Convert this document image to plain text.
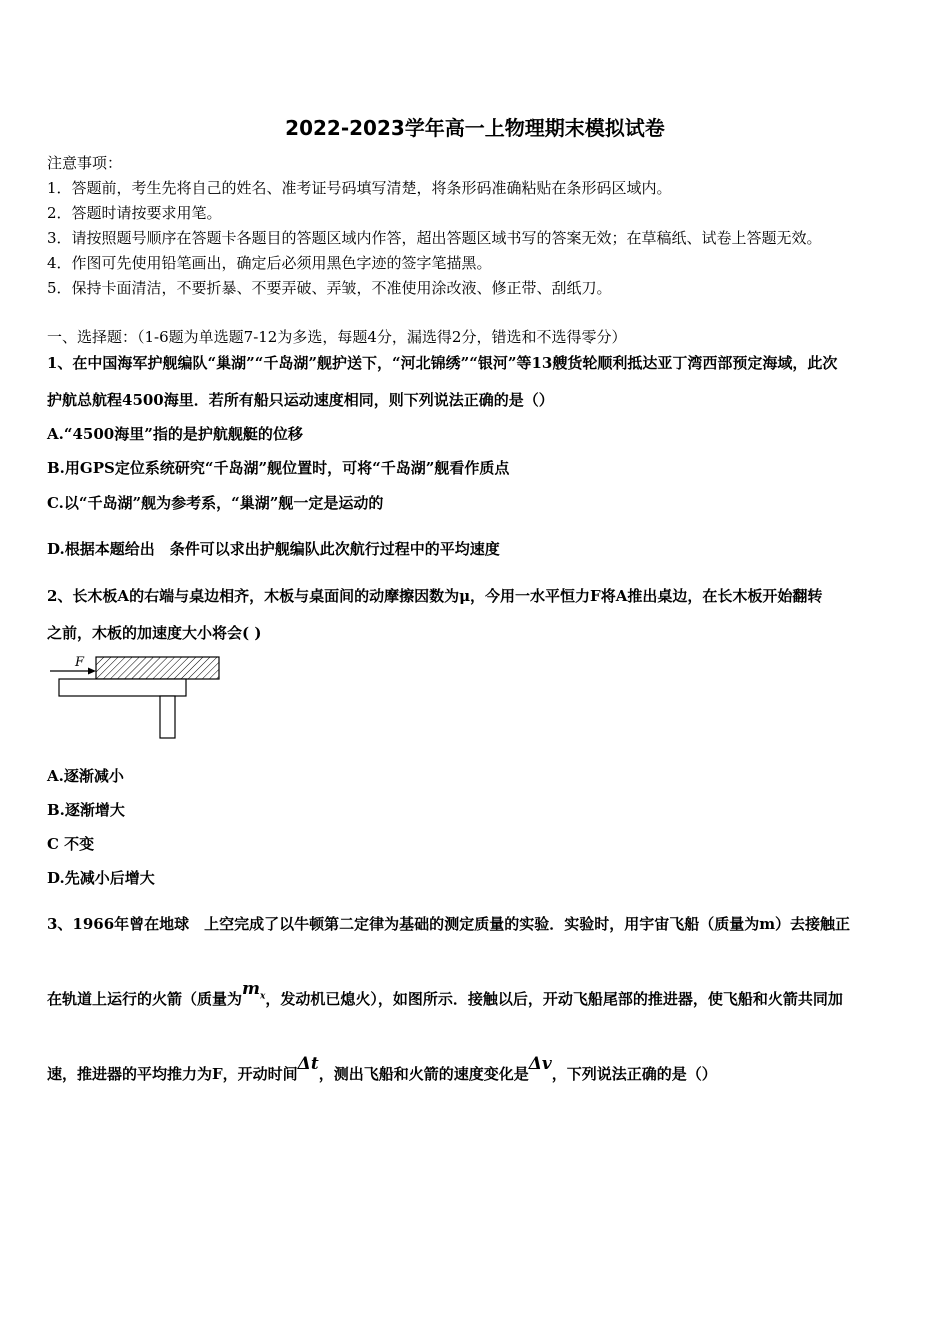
2022-2023学年高一上物理期末模拟试卷
注意事项：
1．答题前，考生先将自己的姓名、准考证号码填写清楚，将条形码准确粘贴在条形码区域内。
2．答题时请按要求用笔。
3．请按照题号顺序在答题卡各题目的答题区域内作答，超出答题区域书写的答案无效；在草稿纸、试卷上答题无效。
4．作图可先使用铅笔画出，确定后必须用黑色字迹的签字笔描黑。
5．保持卡面清洁，不要折暴、不要弄破、弄皱，不准使用涂改液、修正带、刮纸刀。
一、选择题：（1-6题为单选题7-12为多选，每题4分，漏选得2分，错选和不选得零分）
1、在中国海军护舰编队“巢湖”“千岛湖”舰护送下，“河北锦绣”“银河”等13艘货轮顺利抵达亚丁湾西部预定海域，此次
护航总航程4500海里．若所有船只运动速度相同，则下列说法正确的是（）
A.“4500海里”指的是护航舰艇的位移
B.用GPS定位系统研究“千岛湖”舰位置时，可将“千岛湖”舰看作质点
C.以“千岛湖”舰为参考系，“巢湖”舰一定是运动的
D.根据本题给出　条件可以求出护舰编队此次航行过程中的平均速度
2、长木板A的右端与桌边相齐，木板与桌面间的动摩擦因数为μ，今用一水平恒力F将A推出桌边，在长木板开始翻转
之前，木板的加速度大小将会( )
F
A.逐渐减小
B.逐渐增大
C 不变
D.先减小后增大
3、1966年曾在地球　上空完成了以牛顿第二定律为基础的测定质量的实验．实验时，用宇宙飞船（质量为m）去接触正
在轨道上运行的火箭（质量为$m_x$，发动机已熄火），如图所示．接触以后，开动飞船尾部的推进器，使飞船和火箭共同加
速，推进器的平均推力为F，开动时间Δt，测出飞船和火箭的速度变化是Δv，下列说法正确的是（）
